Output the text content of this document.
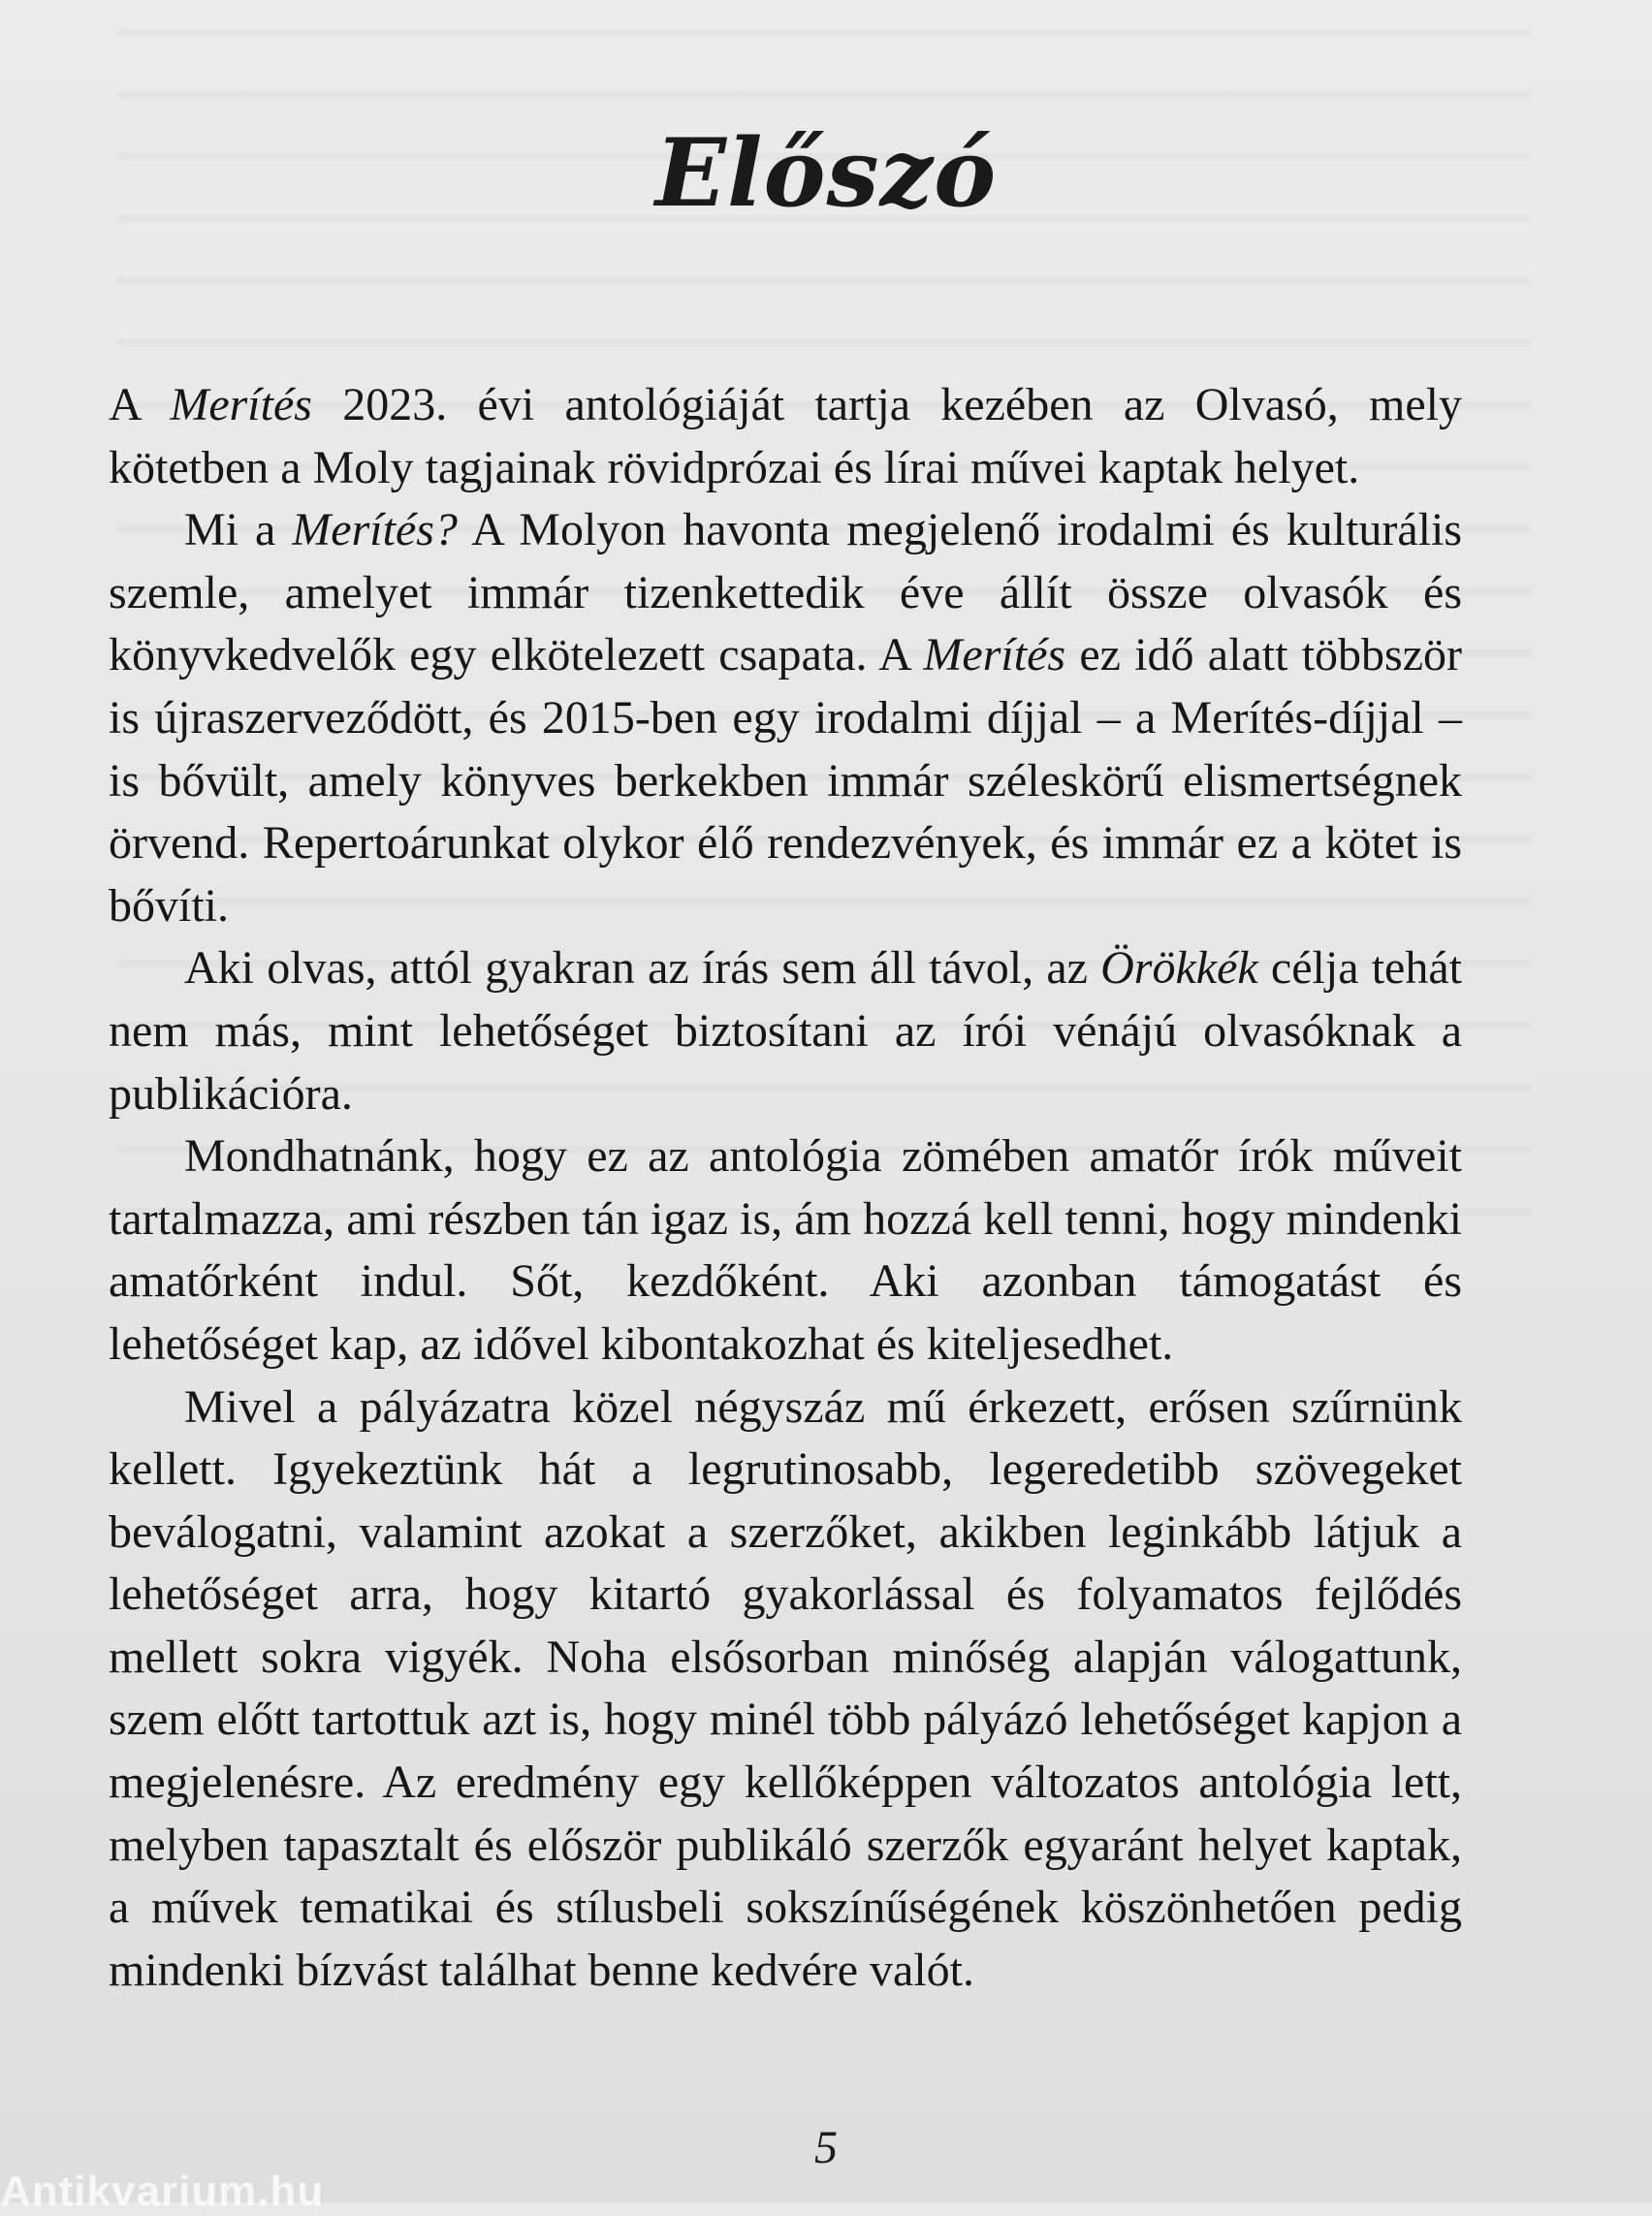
Előszó

A Merítés 2023. évi antológiáját tartja kezében az Olvasó, mely kötetben a Moly tagjainak rövidprózai és lírai művei kaptak helyet.

Mi a Merítés? A Molyon havonta megjelenő irodalmi és kulturális szemle, amelyet immár tizenkettedik éve állít össze olvasók és könyvkedvelők egy elkötelezett csapata. A Merítés ez idő alatt többször is újraszerveződött, és 2015-ben egy irodalmi díjjal – a Merítés-díjjal – is bővült, amely könyves berkekben immár széleskörű elismertségnek örvend. Repertoárunkat olykor élő rendezvények, és immár ez a kötet is bővíti.

Aki olvas, attól gyakran az írás sem áll távol, az Örökkék célja tehát nem más, mint lehetőséget biztosítani az írói vénájú olvasóknak a publikációra.

Mondhatnánk, hogy ez az antológia zömében amatőr írók műveit tartalmazza, ami részben tán igaz is, ám hozzá kell tenni, hogy mindenki amatőrként indul. Sőt, kezdőként. Aki azonban támogatást és lehetőséget kap, az idővel kibontakozhat és kiteljesedhet.

Mivel a pályázatra közel négyszáz mű érkezett, erősen szűrnünk kellett. Igyekeztünk hát a legrutinosabb, legeredetibb szövegeket beválogatni, valamint azokat a szerzőket, akikben leginkább látjuk a lehetőséget arra, hogy kitartó gyakorlással és folyamatos fejlődés mellett sokra vigyék. Noha elsősorban minőség alapján válogattunk, szem előtt tartottuk azt is, hogy minél több pályázó lehetőséget kapjon a megjelenésre. Az eredmény egy kellőképpen változatos antológia lett, melyben tapasztalt és először publikáló szerzők egyaránt helyet kaptak, a művek tematikai és stílusbeli sokszínűségének köszönhetően pedig mindenki bízvást találhat benne kedvére valót.

5
Antikvarium.hu
